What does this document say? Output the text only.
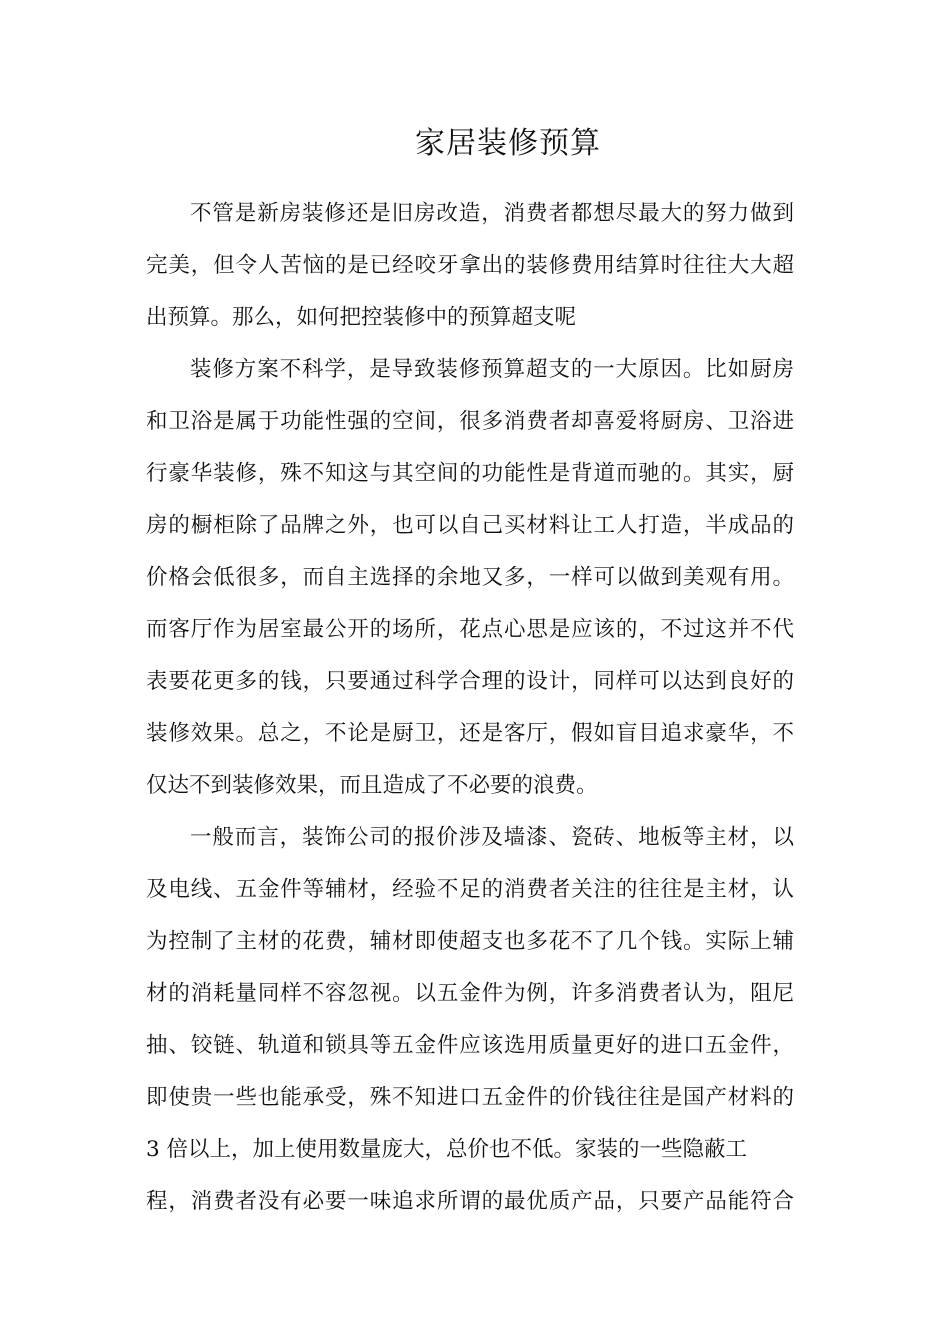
家居装修预算

不管是新房装修还是旧房改造，消费者都想尽最大的努力做到

完美，但令人苦恼的是已经咬牙拿出的装修费用结算时往往大大超

出预算。那么，如何把控装修中的预算超支呢

装修方案不科学，是导致装修预算超支的一大原因。比如厨房

和卫浴是属于功能性强的空间，很多消费者却喜爱将厨房、卫浴进

行豪华装修，殊不知这与其空间的功能性是背道而驰的。其实，厨

房的橱柜除了品牌之外，也可以自己买材料让工人打造，半成品的

价格会低很多，而自主选择的余地又多，一样可以做到美观有用。

而客厅作为居室最公开的场所，花点心思是应该的，不过这并不代

表要花更多的钱，只要通过科学合理的设计，同样可以达到良好的

装修效果。总之，不论是厨卫，还是客厅，假如盲目追求豪华，不

仅达不到装修效果，而且造成了不必要的浪费。

一般而言，装饰公司的报价涉及墙漆、瓷砖、地板等主材，以

及电线、五金件等辅材，经验不足的消费者关注的往往是主材，认

为控制了主材的花费，辅材即使超支也多花不了几个钱。实际上辅

材的消耗量同样不容忽视。以五金件为例，许多消费者认为，阻尼

抽、铰链、轨道和锁具等五金件应该选用质量更好的进口五金件，

即使贵一些也能承受，殊不知进口五金件的价钱往往是国产材料的

3 倍以上，加上使用数量庞大，总价也不低。家装的一些隐蔽工

程，消费者没有必要一味追求所谓的最优质产品，只要产品能符合
